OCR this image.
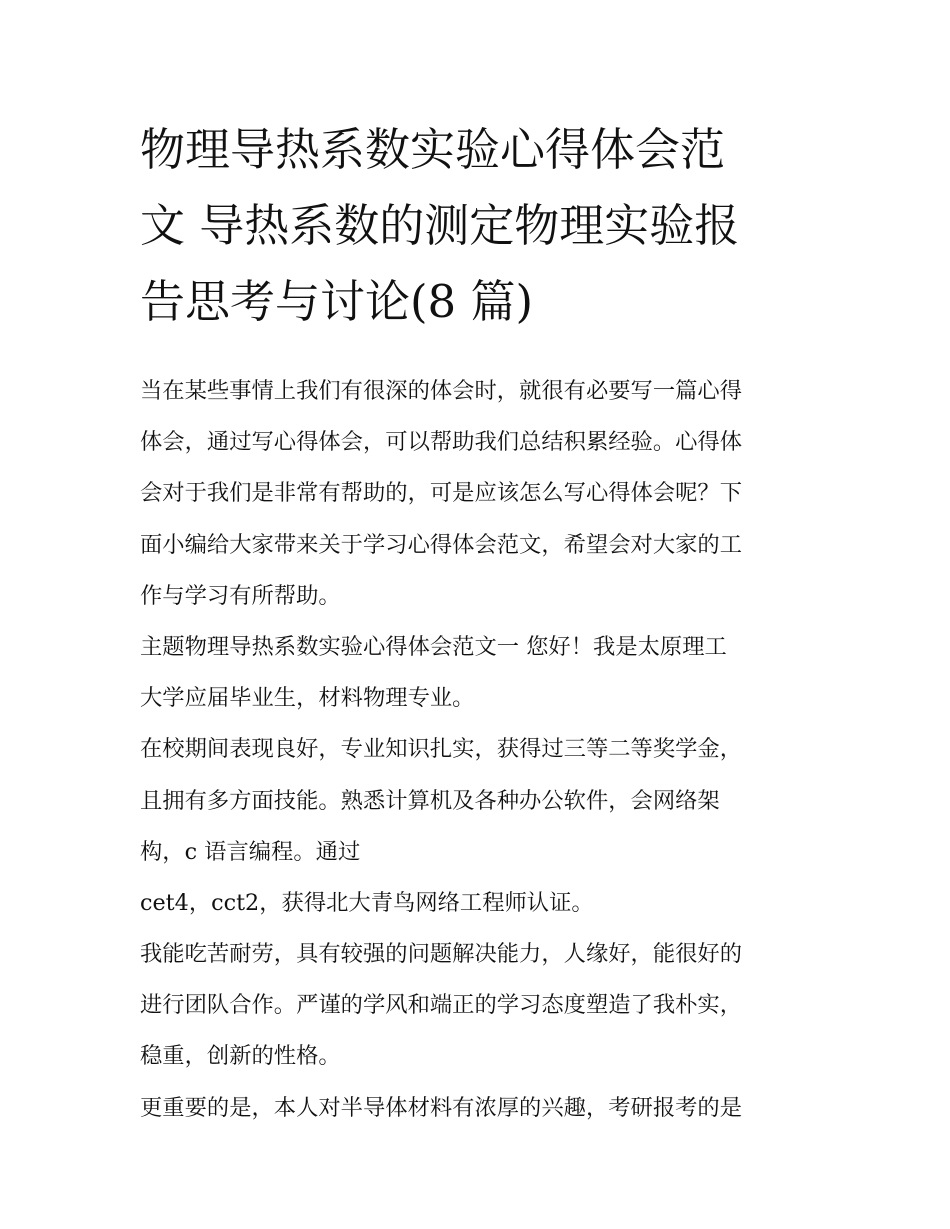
物理导热系数实验心得体会范
文 导热系数的测定物理实验报
告思考与讨论(8 篇)
当在某些事情上我们有很深的体会时，就很有必要写一篇心得
体会，通过写心得体会，可以帮助我们总结积累经验。心得体
会对于我们是非常有帮助的，可是应该怎么写心得体会呢？下
面小编给大家带来关于学习心得体会范文，希望会对大家的工
作与学习有所帮助。
主题物理导热系数实验心得体会范文一 您好！我是太原理工
大学应届毕业生，材料物理专业。
在校期间表现良好，专业知识扎实，获得过三等二等奖学金，
且拥有多方面技能。熟悉计算机及各种办公软件，会网络架
构，c 语言编程。通过
cet4，cct2，获得北大青鸟网络工程师认证。
我能吃苦耐劳，具有较强的问题解决能力，人缘好，能很好的
进行团队合作。严谨的学风和端正的学习态度塑造了我朴实，
稳重，创新的性格。
更重要的是，本人对半导体材料有浓厚的兴趣，考研报考的是
